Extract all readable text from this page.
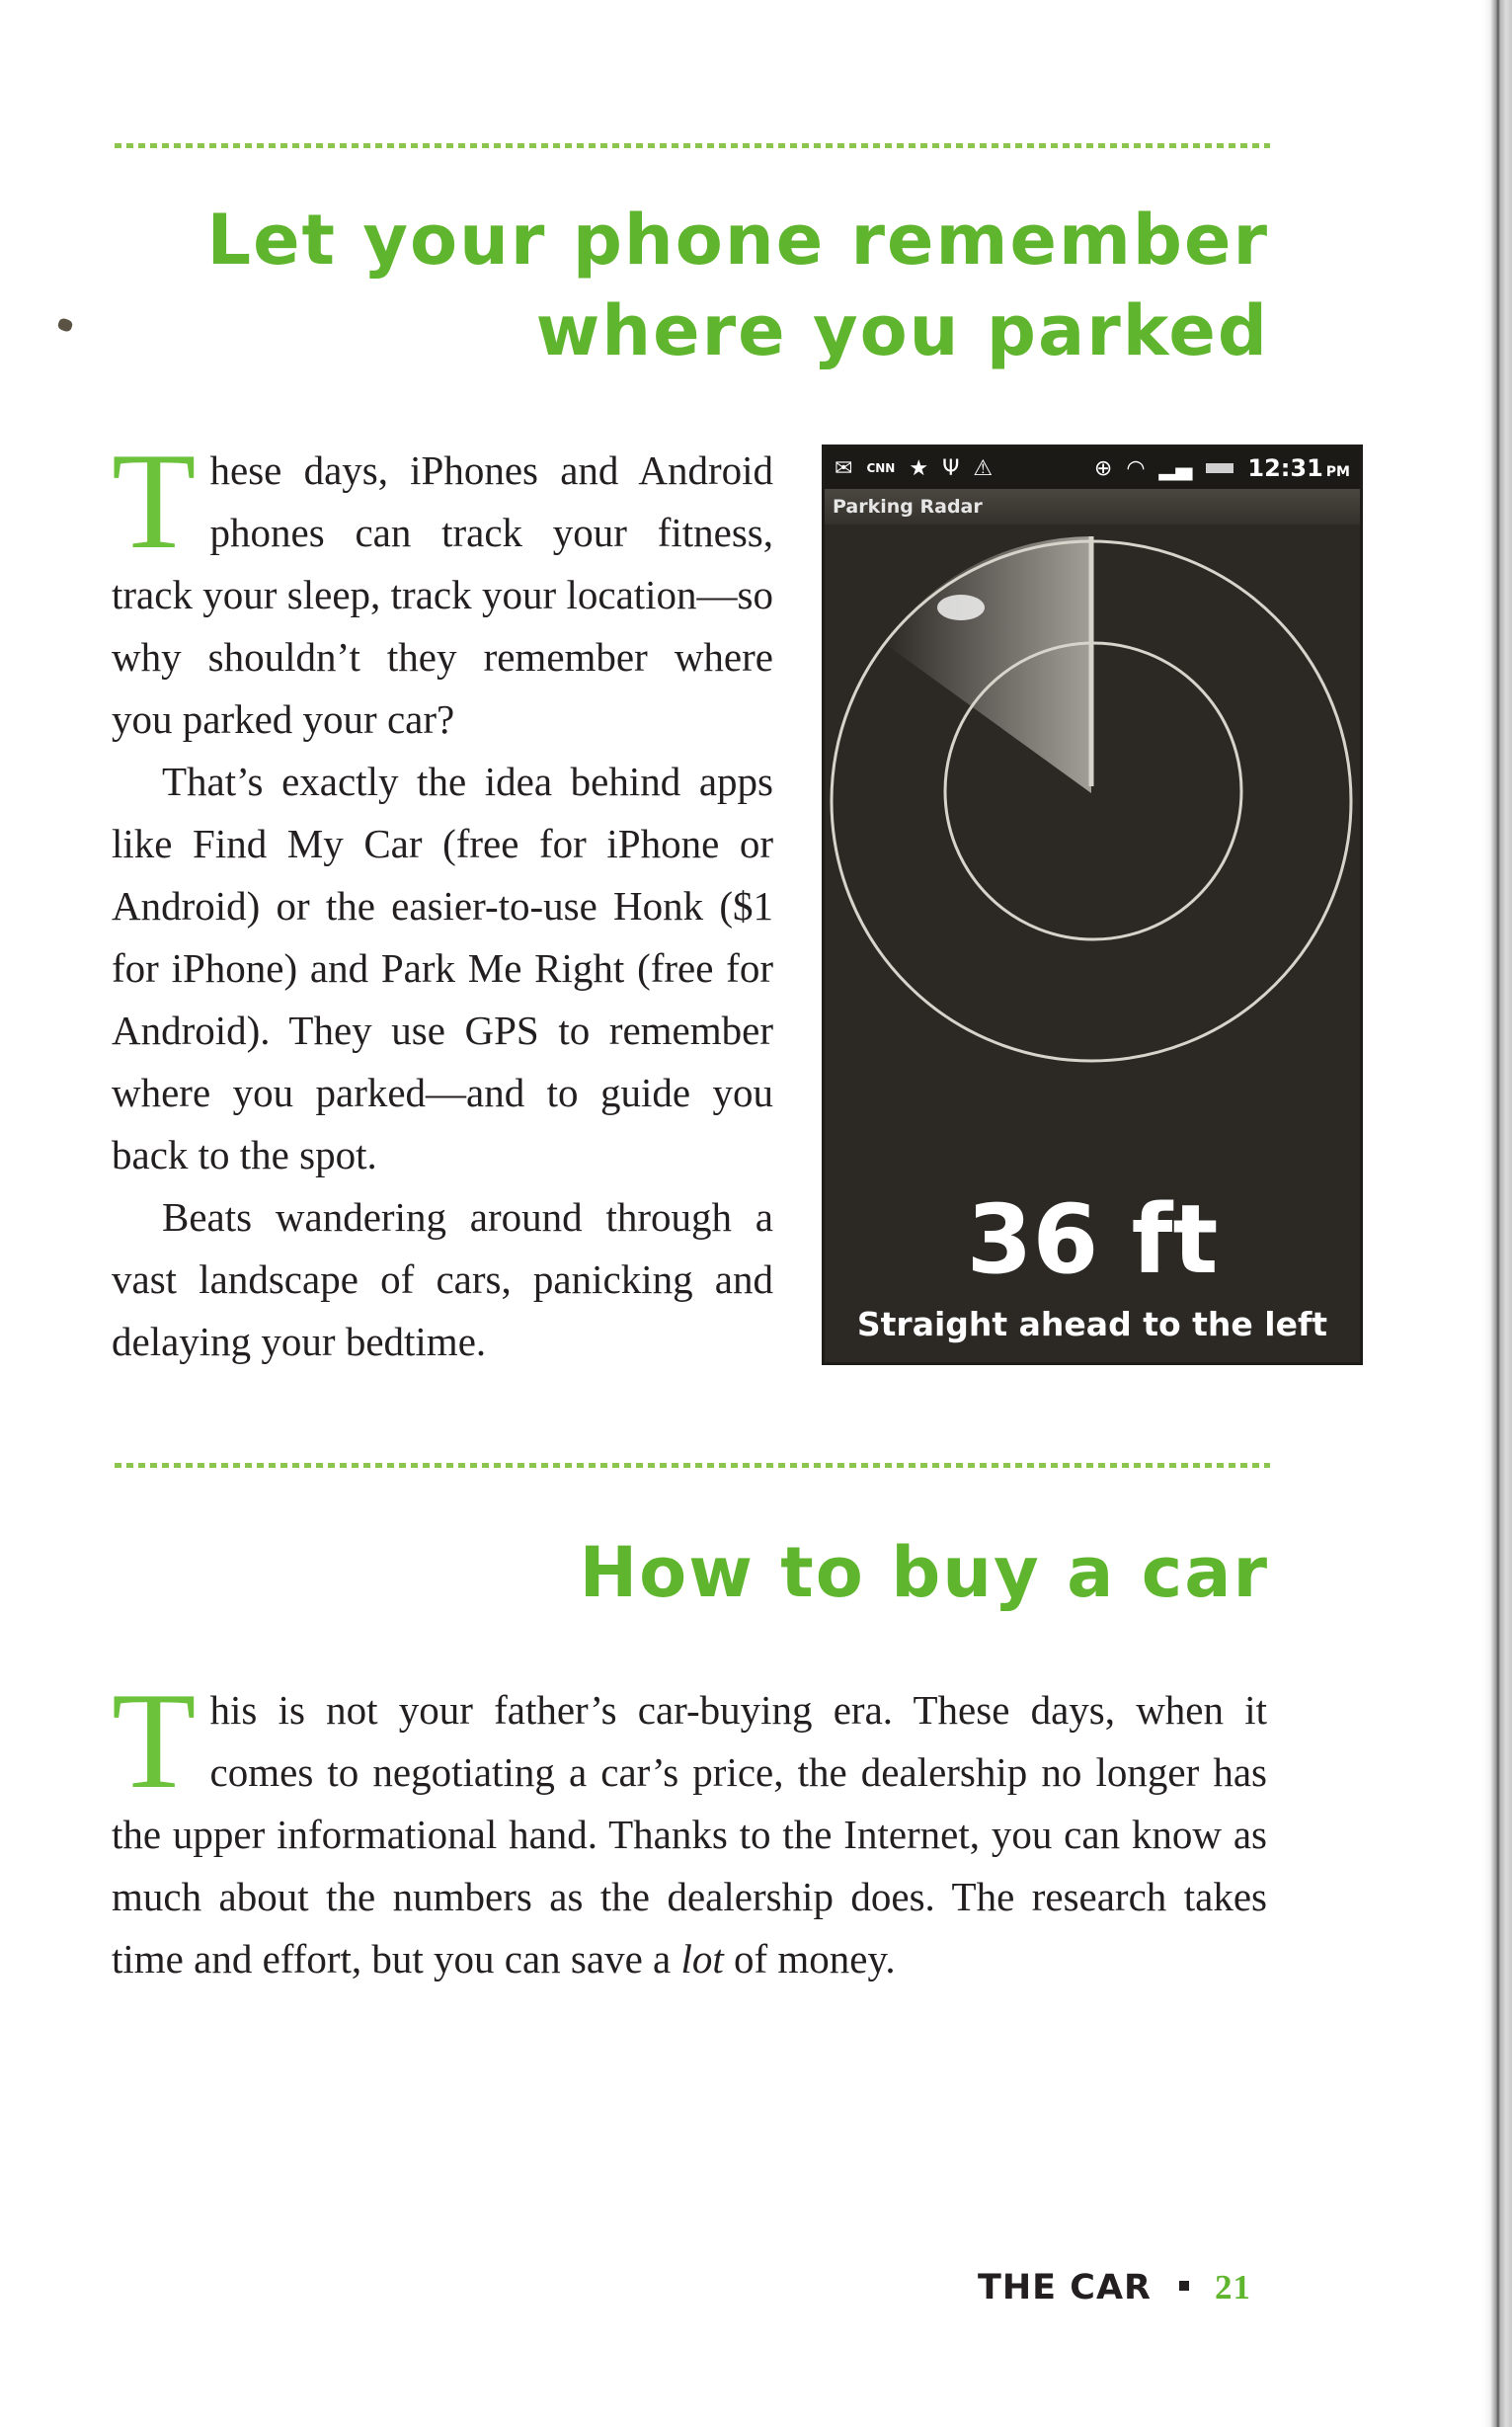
Let your phone remember
where you parked

These days, iPhones and Android phones can track your fitness, track your sleep, track your location—so why shouldn’t they remember where you parked your car?

That’s exactly the idea behind apps like Find My Car (free for iPhone or Android) or the easier-to-use Honk ($1 for iPhone) and Park Me Right (free for Android). They use GPS to remember where you parked—and to guide you back to the spot.

Beats wandering around through a vast landscape of cars, panicking and delaying your bedtime.

✉ CNN ★ Ψ ⚠	⊕ ◠ ▂▄ 12:31 PM
Parking Radar
36 ft
Straight ahead to the left
How to buy a car

This is not your father’s car-buying era. These days, when it comes to negotiating a car’s price, the dealership no longer has the upper informational hand. Thanks to the Internet, you can know as much about the numbers as the dealership does. The research takes time and effort, but you can save a lot of money.

THE CAR 21
